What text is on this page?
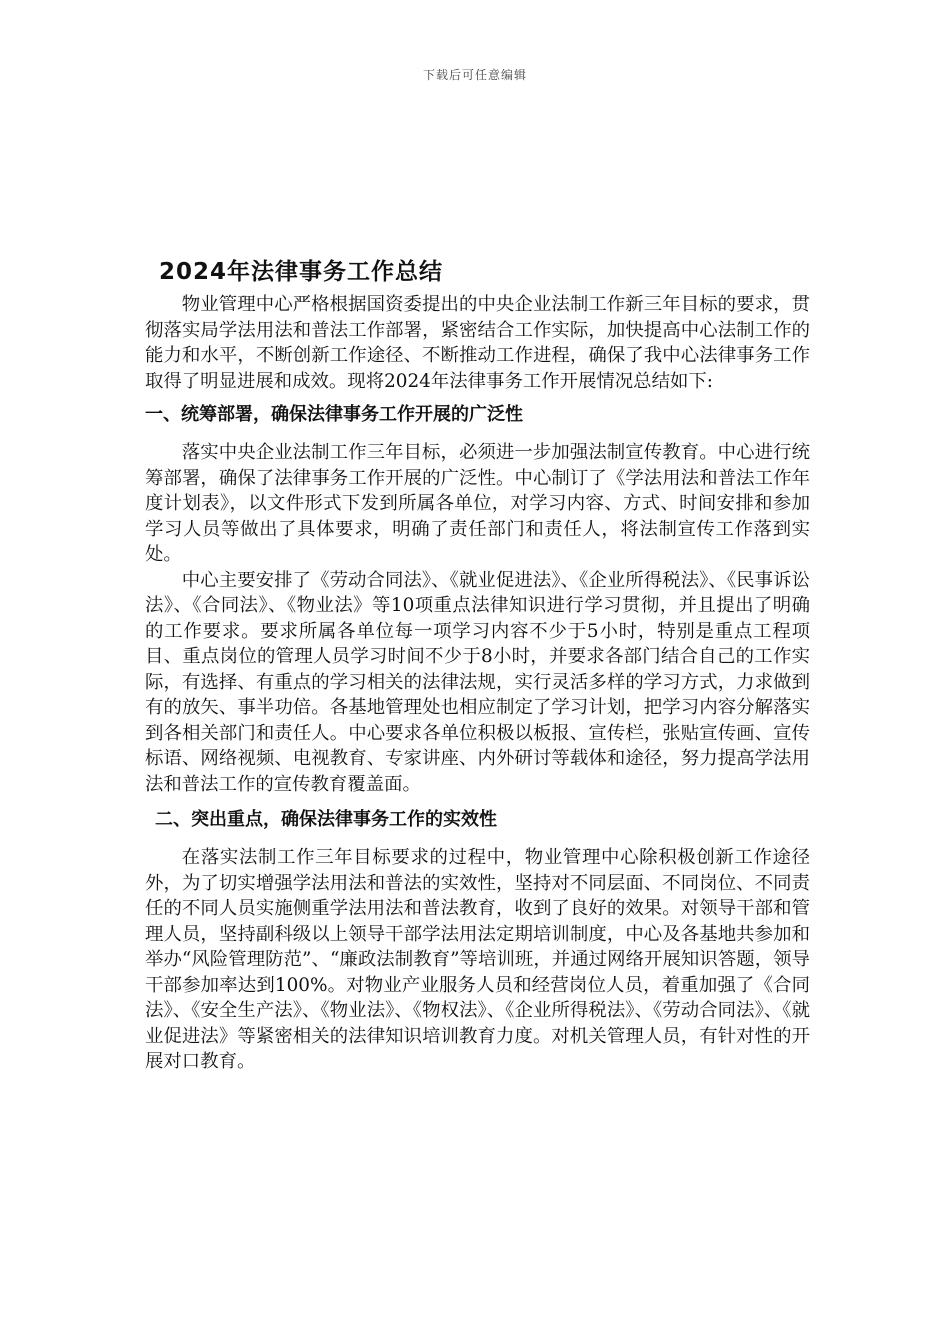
下载后可任意编辑
2024年法律事务工作总结

物业管理中心严格根据国资委提出的中央企业法制工作新三年目标的要求，贯彻落实局学法用法和普法工作部署，紧密结合工作实际，加快提高中心法制工作的能力和水平，不断创新工作途径、不断推动工作进程，确保了我中心法律事务工作取得了明显进展和成效。现将2024年法律事务工作开展情况总结如下:

一、统筹部署，确保法律事务工作开展的广泛性

落实中央企业法制工作三年目标，必须进一步加强法制宣传教育。中心进行统筹部署，确保了法律事务工作开展的广泛性。中心制订了《学法用法和普法工作年度计划表》，以文件形式下发到所属各单位，对学习内容、方式、时间安排和参加学习人员等做出了具体要求，明确了责任部门和责任人，将法制宣传工作落到实处。

中心主要安排了《劳动合同法》、《就业促进法》、《企业所得税法》、《民事诉讼法》、《合同法》、《物业法》等10项重点法律知识进行学习贯彻，并且提出了明确的工作要求。要求所属各单位每一项学习内容不少于5小时，特别是重点工程项目、重点岗位的管理人员学习时间不少于8小时，并要求各部门结合自己的工作实际，有选择、有重点的学习相关的法律法规，实行灵活多样的学习方式，力求做到有的放矢、事半功倍。各基地管理处也相应制定了学习计划，把学习内容分解落实到各相关部门和责任人。中心要求各单位积极以板报、宣传栏，张贴宣传画、宣传标语、网络视频、电视教育、专家讲座、内外研讨等载体和途径，努力提高学法用法和普法工作的宣传教育覆盖面。

二、突出重点，确保法律事务工作的实效性

在落实法制工作三年目标要求的过程中，物业管理中心除积极创新工作途径外，为了切实增强学法用法和普法的实效性，坚持对不同层面、不同岗位、不同责任的不同人员实施侧重学法用法和普法教育，收到了良好的效果。对领导干部和管理人员，坚持副科级以上领导干部学法用法定期培训制度，中心及各基地共参加和举办“风险管理防范”、“廉政法制教育”等培训班，并通过网络开展知识答题，领导干部参加率达到100%。对物业产业服务人员和经营岗位人员，着重加强了《合同法》、《安全生产法》、《物业法》、《物权法》、《企业所得税法》、《劳动合同法》、《就业促进法》等紧密相关的法律知识培训教育力度。对机关管理人员，有针对性的开展对口教育。
